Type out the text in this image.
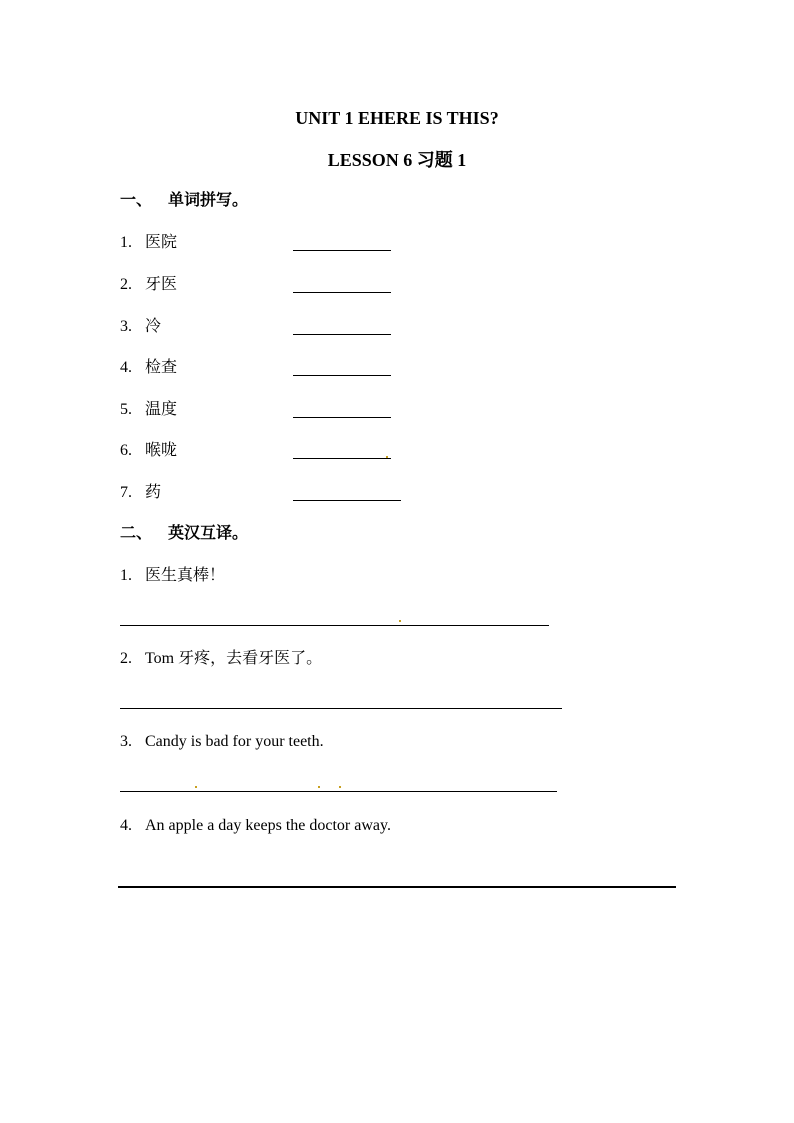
UNIT 1 EHERE IS THIS?
LESSON 6 习题 1
一、 单词拼写。
1. 医院
2. 牙医
3. 冷
4. 检查
5. 温度
6. 喉咙
7. 药
二、 英汉互译。
1. 医生真棒！
2. Tom 牙疼，去看牙医了。
3. Candy is bad for your teeth.
4. An apple a day keeps the doctor away.
